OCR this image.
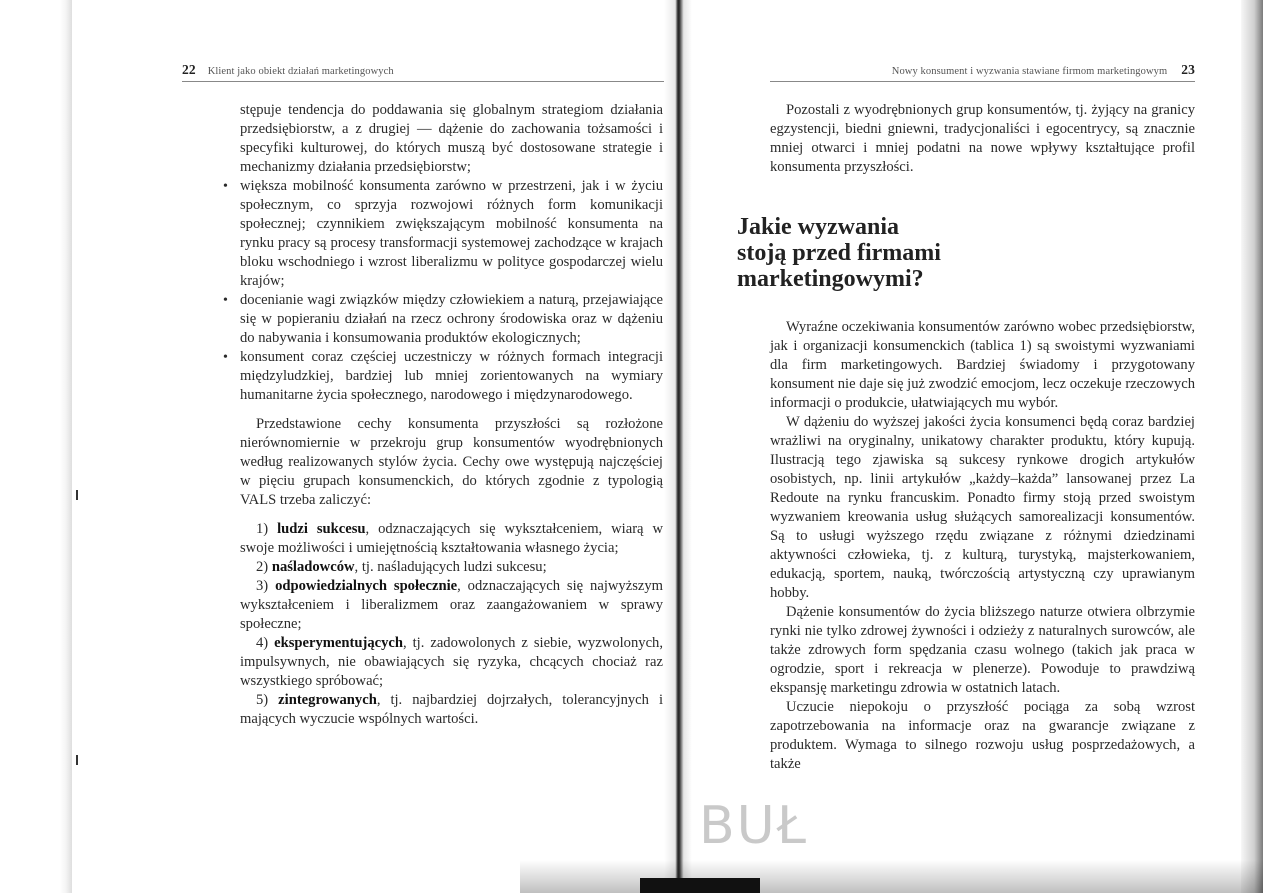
22 Klient jako obiekt działań marketingowych

stępuje tendencja do poddawania się globalnym strategiom działania przedsiębiorstw, a z drugiej — dążenie do zachowania tożsamości i specyfiki kulturowej, do których muszą być dostosowane strategie i mechanizmy działania przedsiębiorstw;

• większa mobilność konsumenta zarówno w przestrzeni, jak i w życiu społecznym, co sprzyja rozwojowi różnych form komunikacji społecznej; czynnikiem zwiększającym mobilność konsumenta na rynku pracy są procesy transformacji systemowej zachodzące w krajach bloku wschodniego i wzrost liberalizmu w polityce gospodarczej wielu krajów;
• docenianie wagi związków między człowiekiem a naturą, przejawiające się w popieraniu działań na rzecz ochrony środowiska oraz w dążeniu do nabywania i konsumowania produktów ekologicznych;
• konsument coraz częściej uczestniczy w różnych formach integracji międzyludzkiej, bardziej lub mniej zorientowanych na wymiary humanitarne życia społecznego, narodowego i międzynarodowego.

Przedstawione cechy konsumenta przyszłości są rozłożone nierównomiernie w przekroju grup konsumentów wyodrębnionych według realizowanych stylów życia. Cechy owe występują najczęściej w pięciu grupach konsumenckich, do których zgodnie z typologią VALS trzeba zaliczyć:

1) ludzi sukcesu, odznaczających się wykształceniem, wiarą w swoje możliwości i umiejętnością kształtowania własnego życia;

2) naśladowców, tj. naśladujących ludzi sukcesu;

3) odpowiedzialnych społecznie, odznaczających się najwyższym wykształceniem i liberalizmem oraz zaangażowaniem w sprawy społeczne;

4) eksperymentujących, tj. zadowolonych z siebie, wyzwolonych, impulsywnych, nie obawiających się ryzyka, chcących chociaż raz wszystkiego spróbować;

5) zintegrowanych, tj. najbardziej dojrzałych, tolerancyjnych i mających wyczucie wspólnych wartości.

Nowy konsument i wyzwania stawiane firmom marketingowym 23

Pozostali z wyodrębnionych grup konsumentów, tj. żyjący na granicy egzystencji, biedni gniewni, tradycjonaliści i egocentrycy, są znacznie mniej otwarci i mniej podatni na nowe wpływy kształtujące profil konsumenta przyszłości.

Jakie wyzwania
stoją przed firmami
marketingowymi?

Wyraźne oczekiwania konsumentów zarówno wobec przedsiębiorstw, jak i organizacji konsumenckich (tablica 1) są swoistymi wyzwaniami dla firm marketingowych. Bardziej świadomy i przygotowany konsument nie daje się już zwodzić emocjom, lecz oczekuje rzeczowych informacji o produkcie, ułatwiających mu wybór.

W dążeniu do wyższej jakości życia konsumenci będą coraz bardziej wrażliwi na oryginalny, unikatowy charakter produktu, który kupują. Ilustracją tego zjawiska są sukcesy rynkowe drogich artykułów osobistych, np. linii artykułów „każdy–każda” lansowanej przez La Redoute na rynku francuskim. Ponadto firmy stoją przed swoistym wyzwaniem kreowania usług służących samorealizacji konsumentów. Są to usługi wyższego rzędu związane z różnymi dziedzinami aktywności człowieka, tj. z kulturą, turystyką, majsterkowaniem, edukacją, sportem, nauką, twórczością artystyczną czy uprawianym hobby.

Dążenie konsumentów do życia bliższego naturze otwiera olbrzymie rynki nie tylko zdrowej żywności i odzieży z naturalnych surowców, ale także zdrowych form spędzania czasu wolnego (takich jak praca w ogrodzie, sport i rekreacja w plenerze). Powoduje to prawdziwą ekspansję marketingu zdrowia w ostatnich latach.

Uczucie niepokoju o przyszłość pociąga za sobą wzrost zapotrzebowania na informacje oraz na gwarancje związane z produktem. Wymaga to silnego rozwoju usług posprzedażowych, a także

BUŁ
